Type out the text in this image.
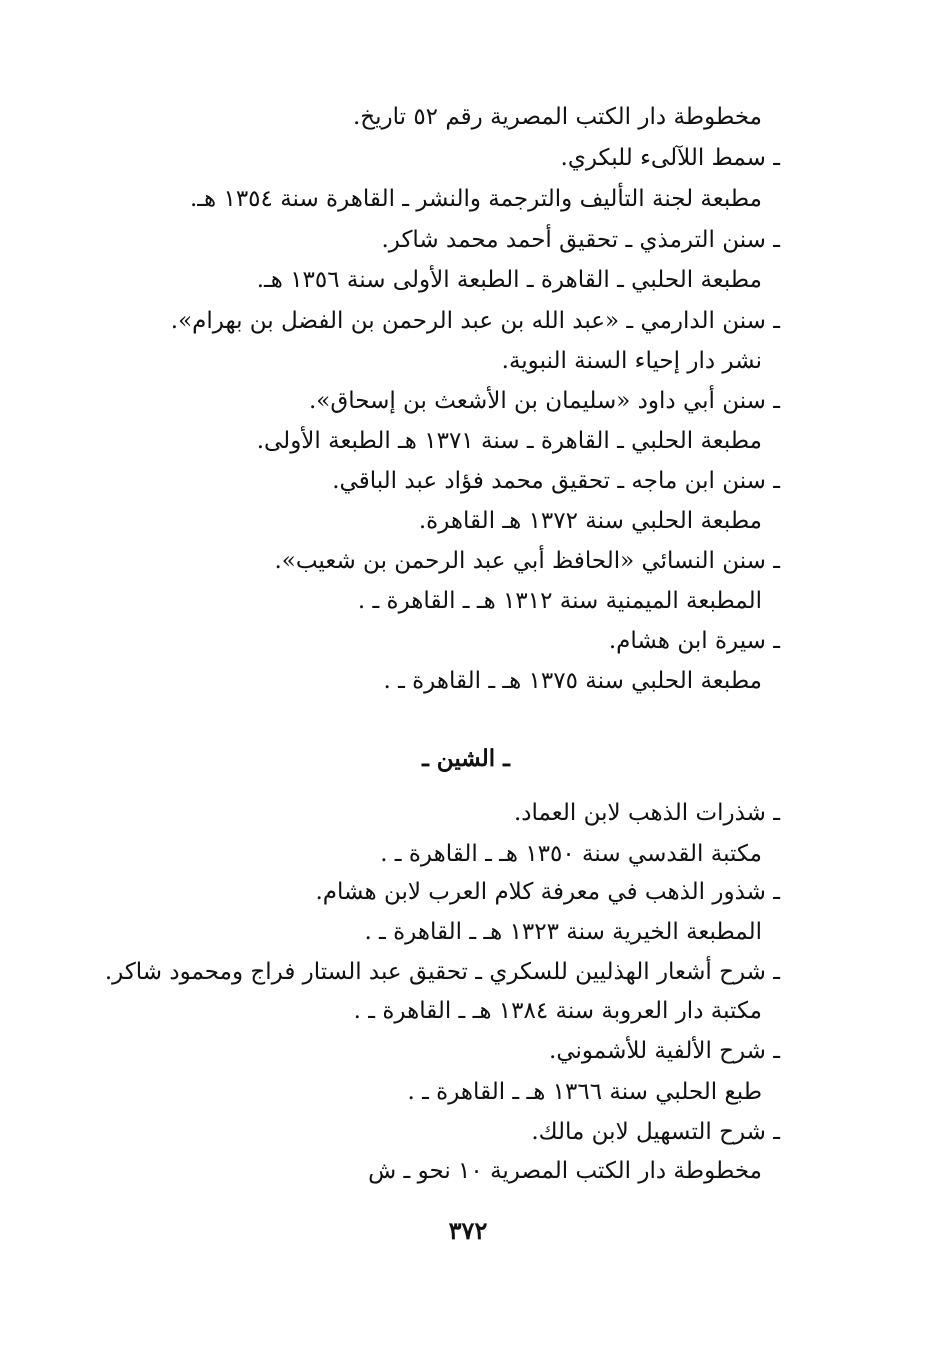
مخطوطة دار الكتب المصرية رقم ٥٢ تاريخ.
ـ سمط اللآلىء للبكري.
مطبعة لجنة التأليف والترجمة والنشر ـ القاهرة سنة ١٣٥٤ هـ.
ـ سنن الترمذي ـ تحقيق أحمد محمد شاكر.
مطبعة الحلبي ـ القاهرة ـ الطبعة الأولى سنة ١٣٥٦ هـ.
ـ سنن الدارمي ـ «عبد الله بن عبد الرحمن بن الفضل بن بهرام».
نشر دار إحياء السنة النبوية.
ـ سنن أبي داود «سليمان بن الأشعث بن إسحاق».
مطبعة الحلبي ـ القاهرة ـ سنة ١٣٧١ هـ الطبعة الأولى.
ـ سنن ابن ماجه ـ تحقيق محمد فؤاد عبد الباقي.
مطبعة الحلبي سنة ١٣٧٢ هـ القاهرة.
ـ سنن النسائي «الحافظ أبي عبد الرحمن بن شعيب».
المطبعة الميمنية سنة ١٣١٢ هـ ـ القاهرة ـ .
ـ سيرة ابن هشام.
مطبعة الحلبي سنة ١٣٧٥ هـ ـ القاهرة ـ .
ـ الشين ـ
ـ شذرات الذهب لابن العماد.
مكتبة القدسي سنة ١٣٥٠ هـ ـ القاهرة ـ .
ـ شذور الذهب في معرفة كلام العرب لابن هشام.
المطبعة الخيرية سنة ١٣٢٣ هـ ـ القاهرة ـ .
ـ شرح أشعار الهذليين للسكري ـ تحقيق عبد الستار فراج ومحمود شاكر.
مكتبة دار العروبة سنة ١٣٨٤ هـ ـ القاهرة ـ .
ـ شرح الألفية للأشموني.
طبع الحلبي سنة ١٣٦٦ هـ ـ القاهرة ـ .
ـ شرح التسهيل لابن مالك.
مخطوطة دار الكتب المصرية ١٠ نحو ـ ش
٣٧٢
